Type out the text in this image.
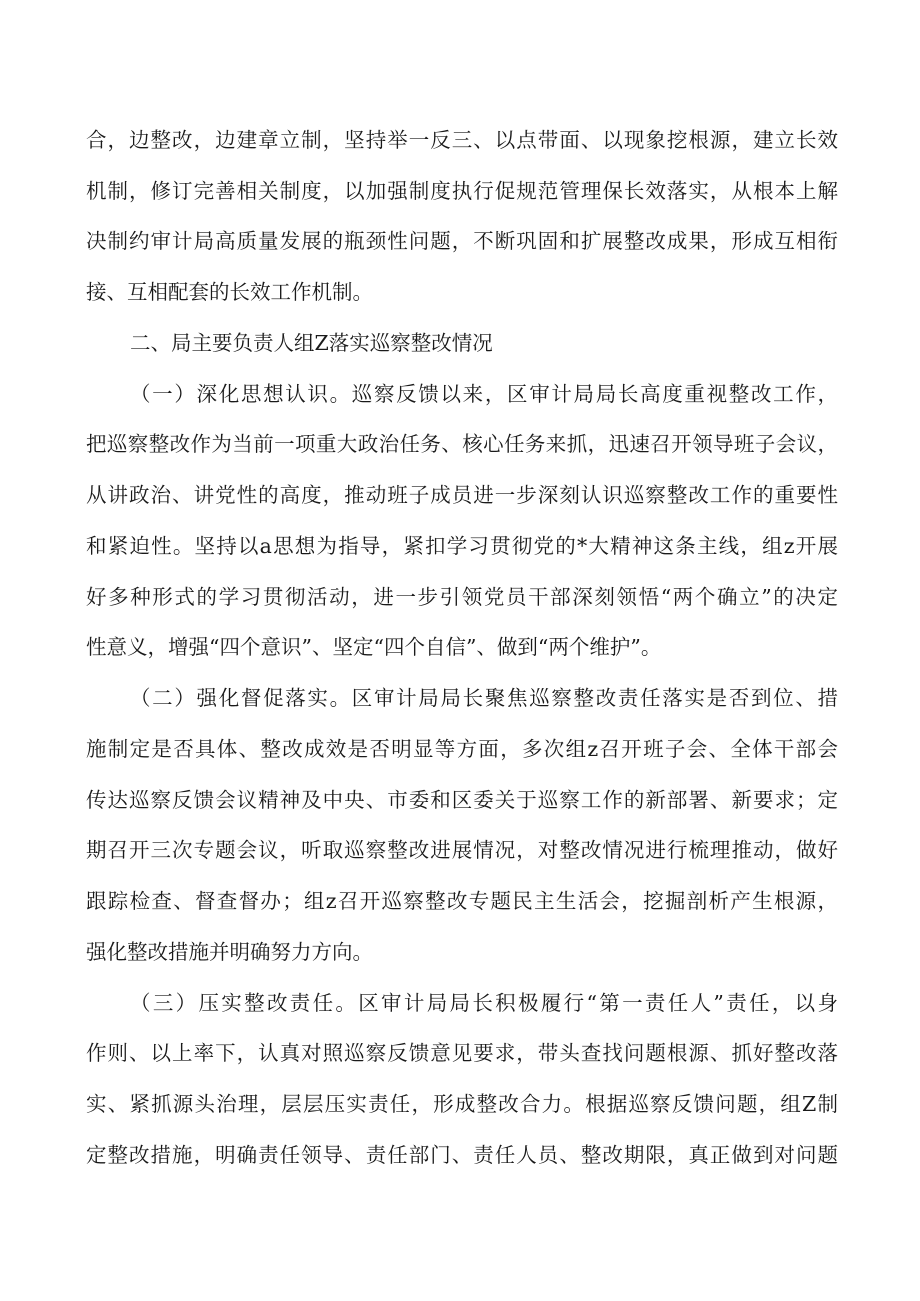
合，边整改，边建章立制，坚持举一反三、以点带面、以现象挖根源，建立长效
机制，修订完善相关制度，以加强制度执行促规范管理保长效落实，从根本上解
决制约审计局高质量发展的瓶颈性问题，不断巩固和扩展整改成果，形成互相衔
接、互相配套的长效工作机制。
二、局主要负责人组Z落实巡察整改情况
（一）深化思想认识。巡察反馈以来，区审计局局长高度重视整改工作，
把巡察整改作为当前一项重大政治任务、核心任务来抓，迅速召开领导班子会议，
从讲政治、讲党性的高度，推动班子成员进一步深刻认识巡察整改工作的重要性
和紧迫性。坚持以a思想为指导，紧扣学习贯彻党的*大精神这条主线，组z开展
好多种形式的学习贯彻活动，进一步引领党员干部深刻领悟“两个确立”的决定
性意义，增强“四个意识”、坚定“四个自信”、做到“两个维护”。
（二）强化督促落实。区审计局局长聚焦巡察整改责任落实是否到位、措
施制定是否具体、整改成效是否明显等方面，多次组z召开班子会、全体干部会
传达巡察反馈会议精神及中央、市委和区委关于巡察工作的新部署、新要求；定
期召开三次专题会议，听取巡察整改进展情况，对整改情况进行梳理推动，做好
跟踪检查、督查督办；组z召开巡察整改专题民主生活会，挖掘剖析产生根源，
强化整改措施并明确努力方向。
（三）压实整改责任。区审计局局长积极履行“第一责任人”责任，以身
作则、以上率下，认真对照巡察反馈意见要求，带头查找问题根源、抓好整改落
实、紧抓源头治理，层层压实责任，形成整改合力。根据巡察反馈问题，组Z制
定整改措施，明确责任领导、责任部门、责任人员、整改期限，真正做到对问题
